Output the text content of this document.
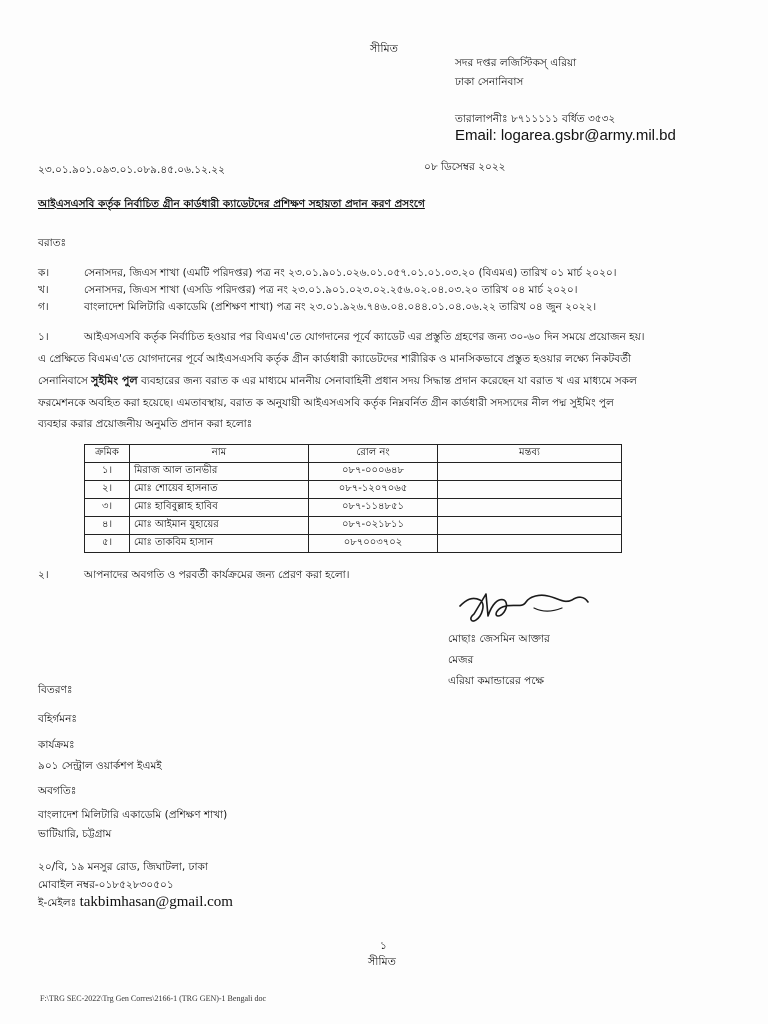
সীমিত
সদর দপ্তর লজিস্টিকস্ এরিয়া
ঢাকা সেনানিবাস
তারালাপনীঃ ৮৭১১১১১ বর্ধিত ৩৫৩২
Email: logarea.gsbr@army.mil.bd
২৩.০১.৯০১.০৯৩.০১.০৮৯.৪৫.০৬.১২.২২	০৮ ডিসেম্বর ২০২২
আইএসএসবি কর্তৃক নির্বাচিত গ্রীন কার্ডধারী ক্যাডেটদের প্রশিক্ষণ সহায়তা প্রদান করণ প্রসংগে
বরাতঃ
ক।	সেনাসদর, জিএস শাখা (এমটি পরিদপ্তর) পত্র নং ২৩.০১.৯০১.০২৬.০১.০৫৭.০১.০১.০৩.২০ (বিএমএ) তারিখ ০১ মার্চ ২০২০।
খ।	সেনাসদর, জিএস শাখা (এসডি পরিদপ্তর) পত্র নং ২৩.০১.৯০১.০২৩.০২.২৫৬.০২.০৪.০৩.২০ তারিখ ০৪ মার্চ ২০২০।
গ।	বাংলাদেশ মিলিটারি একাডেমি (প্রশিক্ষণ শাখা) পত্র নং ২৩.০১.৯২৬.৭৪৬.০৪.০৪৪.০১.০৪.০৬.২২ তারিখ ০৪ জুন ২০২২।
১।	আইএসএসবি কর্তৃক নির্বাচিত হওয়ার পর বিএমএ'তে যোগদানের পূর্বে ক্যাডেট এর প্রস্তুতি গ্রহণের জন্য ৩০-৬০ দিন সময়ে প্রয়োজন হয়।

এ প্রেক্ষিতে বিএমএ'তে যোগদানের পূর্বে আইএসএসবি কর্তৃক গ্রীন কার্ডধারী ক্যাডেটদের শারীরিক ও মানসিকভাবে প্রস্তুত হওয়ার লক্ষ্যে নিকটবর্তী

সেনানিবাসে সুইমিং পুল ব্যবহারের জন্য বরাত ক এর মাধ্যমে মাননীয় সেনাবাহিনী প্রধান সদয় সিদ্ধান্ত প্রদান করেছেন যা বরাত খ এর মাধ্যমে সকল

ফরমেশনকে অবহিত করা হয়েছে। এমতাবস্থায়, বরাত ক অনুযায়ী আইএসএসবি কর্তৃক নিম্নবর্নিত গ্রীন কার্ডধারী সদস্যদের নীল পদ্ম সুইমিং পুল

ব্যবহার করার প্রয়োজনীয় অনুমতি প্রদান করা হলোঃ

ক্রমিক	নাম	রোল নং	মন্তব্য
১।	মিরাজ আল তানভীর	০৮৭-০০০৬৪৮	
২।	মোঃ শোয়েব হাসনাত	০৮৭-১২০৭০৬৫	
৩।	মোঃ হাবিবুল্লাহ হাবিব	০৮৭-১১৪৮৫১	
৪।	মোঃ আইমান যুহায়ের	০৮৭-০২১৮১১	
৫।	মোঃ তাকবিম হাসান	০৮৭০০৩৭০২	
২।	আপনাদের অবগতি ও পরবর্তী কার্যক্রমের জন্য প্রেরণ করা হলো।
মোছাঃ জেসমিন আক্তার
মেজর
এরিয়া কমান্ডারের পক্ষে
বিতরণঃ
বহির্গমনঃ
কার্যক্রমঃ
৯০১ সেন্ট্রাল ওয়ার্কশপ ইএমই
অবগতিঃ
বাংলাদেশ মিলিটারি একাডেমি (প্রশিক্ষণ শাখা)
ভাটিয়ারি, চট্টগ্রাম
২০/বি, ১৯ মনসুর রোড, জিঘাটলা, ঢাকা
মোবাইল নম্বর-০১৮৫২৮৩০৫০১
ই-মেইলঃ takbimhasan@gmail.com
১
সীমিত
F:\TRG SEC-2022\Trg Gen Corres\2166-1 (TRG GEN)-1 Bengali doc
